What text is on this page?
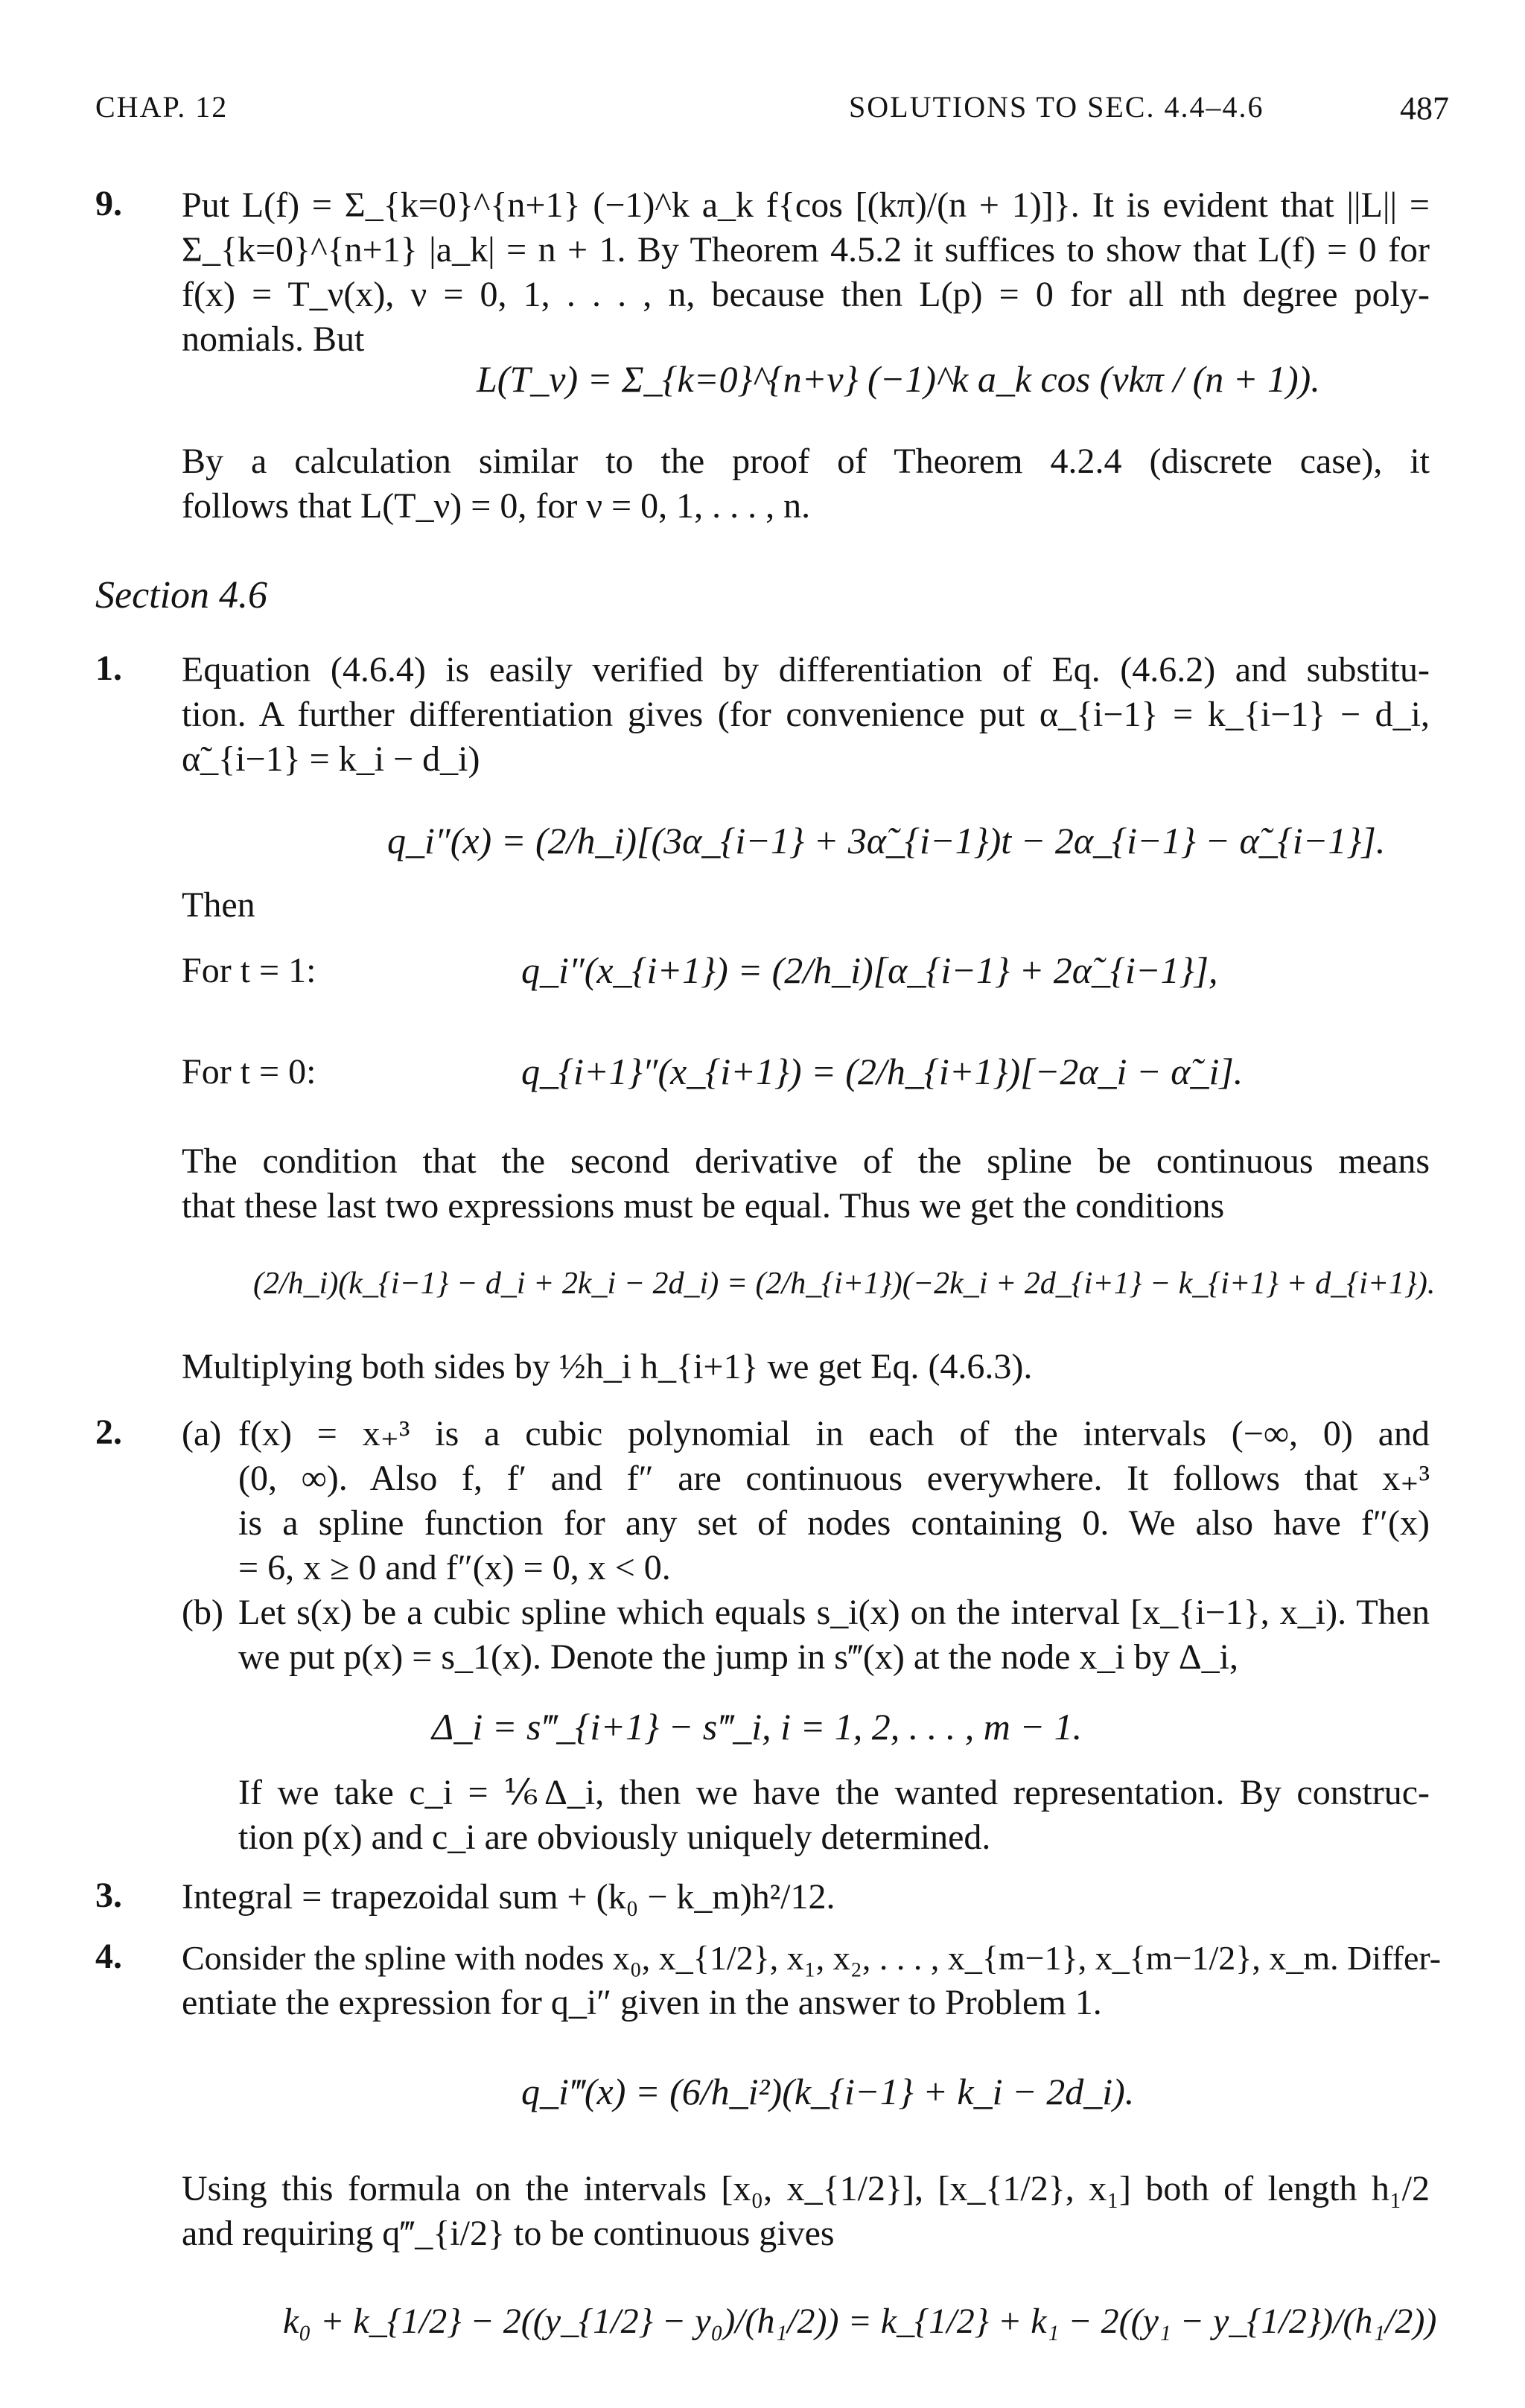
CHAP. 12	SOLUTIONS TO SEC. 4.4–4.6	487
9. Put L(f) = Σ_{k=0}^{n+1} (−1)^k a_k f{cos [(kπ)/(n + 1)]}. It is evident that ||L|| =
Σ_{k=0}^{n+1} |a_k| = n + 1. By Theorem 4.5.2 it suffices to show that L(f) = 0 for
f(x) = T_ν(x), ν = 0, 1, . . . , n, because then L(p) = 0 for all nth degree poly-
nomials. But
L(T_ν) = Σ_{k=0}^{n+ν} (−1)^k a_k cos (νkπ / (n + 1)).
By a calculation similar to the proof of Theorem 4.2.4 (discrete case), it
follows that L(T_ν) = 0, for ν = 0, 1, . . . , n.
Section 4.6
1. Equation (4.6.4) is easily verified by differentiation of Eq. (4.6.2) and substitu-
tion. A further differentiation gives (for convenience put α_{i−1} = k_{i−1} − d_i,
α̃_{i−1} = k_i − d_i)
q_i″(x) = (2/h_i)[(3α_{i−1} + 3α̃_{i−1})t − 2α_{i−1} − α̃_{i−1}].
Then
For t = 1:	q_i″(x_{i+1}) = (2/h_i)[α_{i−1} + 2α̃_{i−1}],
For t = 0:	q_{i+1}″(x_{i+1}) = (2/h_{i+1})[−2α_i − α̃_i].
The condition that the second derivative of the spline be continuous means
that these last two expressions must be equal. Thus we get the conditions
(2/h_i)(k_{i−1} − d_i + 2k_i − 2d_i) = (2/h_{i+1})(−2k_i + 2d_{i+1} − k_{i+1} + d_{i+1}).
Multiplying both sides by ½h_i h_{i+1} we get Eq. (4.6.3).
2. (a) f(x) = x₊³ is a cubic polynomial in each of the intervals (−∞, 0) and
(0, ∞). Also f, f′ and f″ are continuous everywhere. It follows that x₊³
is a spline function for any set of nodes containing 0. We also have f″(x)
= 6, x ≥ 0 and f″(x) = 0, x < 0.
(b) Let s(x) be a cubic spline which equals s_i(x) on the interval [x_{i−1}, x_i). Then
we put p(x) = s_1(x). Denote the jump in s‴(x) at the node x_i by Δ_i,
Δ_i = s‴_{i+1} − s‴_i, i = 1, 2, . . . , m − 1.
If we take c_i = ⅙Δ_i, then we have the wanted representation. By construc-
tion p(x) and c_i are obviously uniquely determined.
3. Integral = trapezoidal sum + (k₀ − k_m)h²/12.
4. Consider the spline with nodes x₀, x_{1/2}, x₁, x₂, . . . , x_{m−1}, x_{m−1/2}, x_m. Differ-
entiate the expression for q_i″ given in the answer to Problem 1.
q_i‴(x) = (6/h_i²)(k_{i−1} + k_i − 2d_i).
Using this formula on the intervals [x₀, x_{1/2}], [x_{1/2}, x₁] both of length h₁/2
and requiring q‴_{i/2} to be continuous gives
k₀ + k_{1/2} − 2((y_{1/2} − y₀)/(h₁/2)) = k_{1/2} + k₁ − 2((y₁ − y_{1/2})/(h₁/2))
